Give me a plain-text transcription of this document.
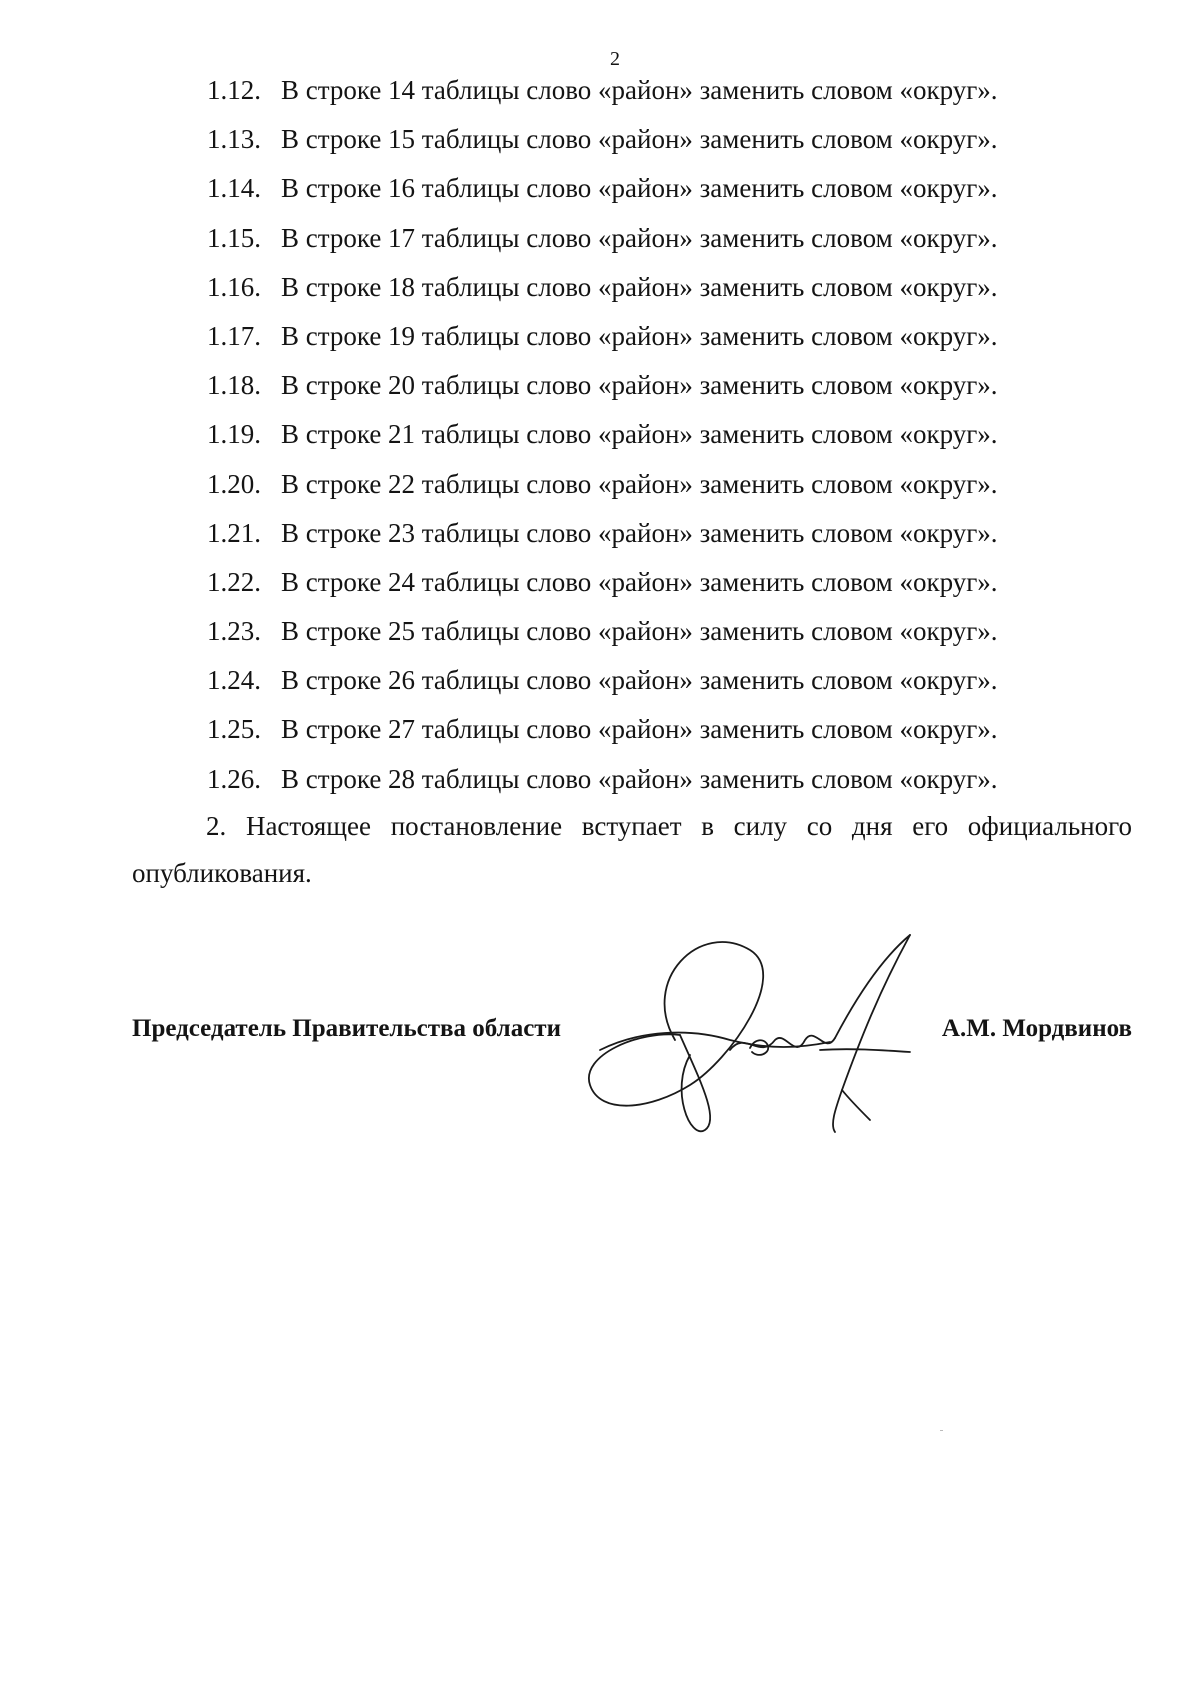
2
1.12. В строке 14 таблицы слово «район» заменить словом «округ».
1.13. В строке 15 таблицы слово «район» заменить словом «округ».
1.14. В строке 16 таблицы слово «район» заменить словом «округ».
1.15. В строке 17 таблицы слово «район» заменить словом «округ».
1.16. В строке 18 таблицы слово «район» заменить словом «округ».
1.17. В строке 19 таблицы слово «район» заменить словом «округ».
1.18. В строке 20 таблицы слово «район» заменить словом «округ».
1.19. В строке 21 таблицы слово «район» заменить словом «округ».
1.20. В строке 22 таблицы слово «район» заменить словом «округ».
1.21. В строке 23 таблицы слово «район» заменить словом «округ».
1.22. В строке 24 таблицы слово «район» заменить словом «округ».
1.23. В строке 25 таблицы слово «район» заменить словом «округ».
1.24. В строке 26 таблицы слово «район» заменить словом «округ».
1.25. В строке 27 таблицы слово «район» заменить словом «округ».
1.26. В строке 28 таблицы слово «район» заменить словом «округ».
2. Настоящее постановление вступает в силу со дня его официального
опубликования.
Председатель Правительства области	А.М. Мордвинов
